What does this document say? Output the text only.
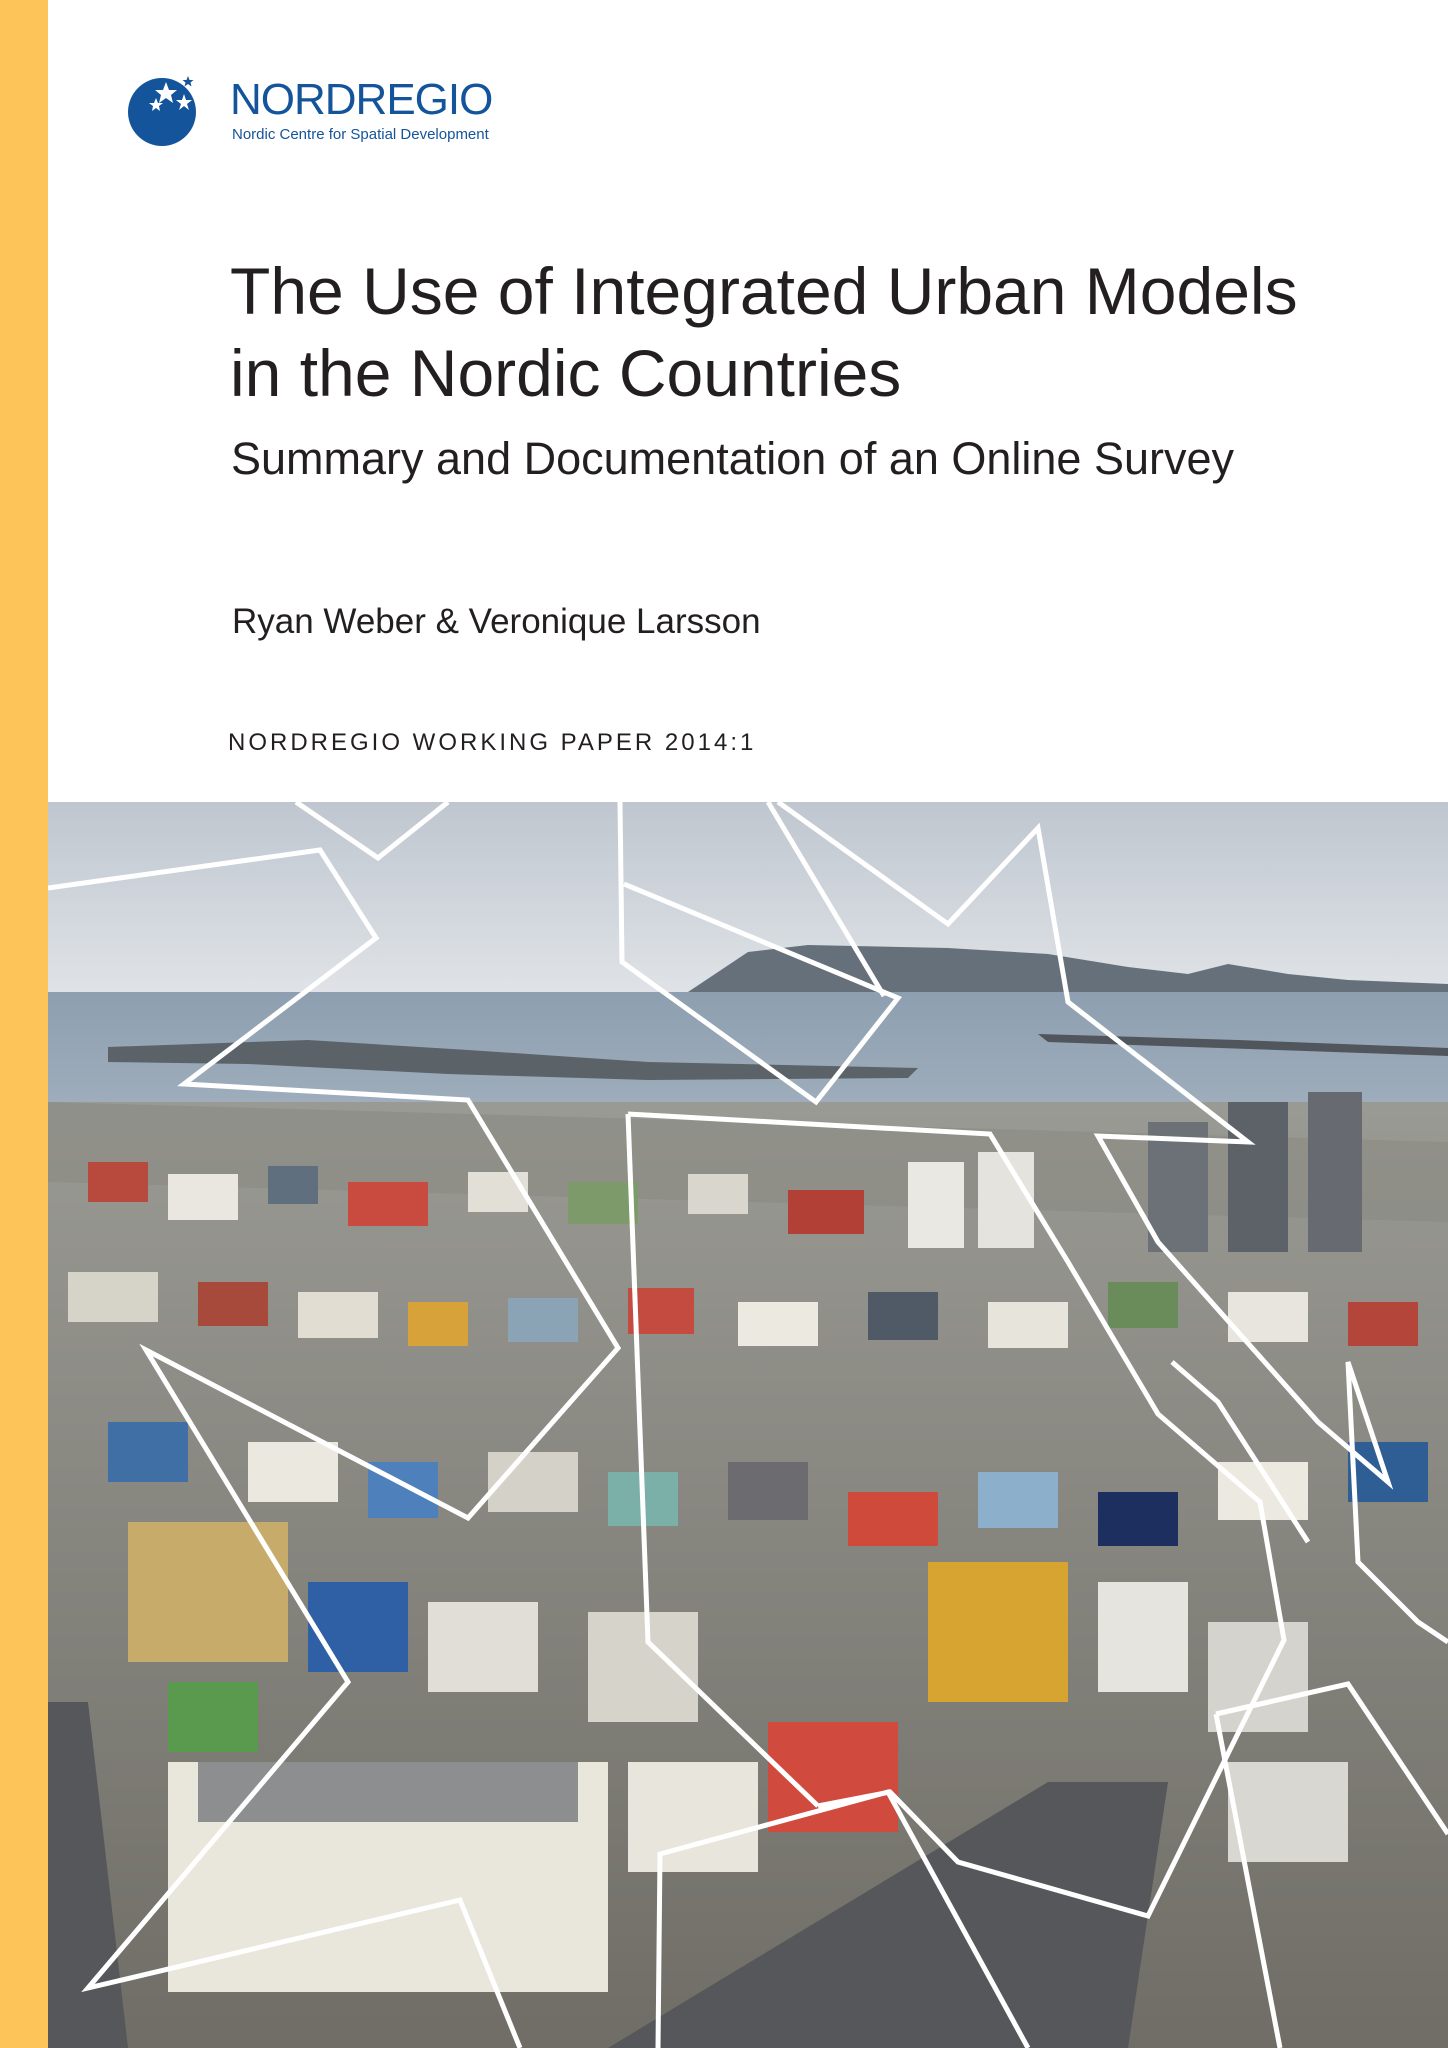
NORDREGIO
Nordic Centre for Spatial Development
The Use of Integrated Urban Models
in the Nordic Countries
Summary and Documentation of an Online Survey
Ryan Weber & Veronique Larsson
NORDREGIO WORKING PAPER 2014:1
